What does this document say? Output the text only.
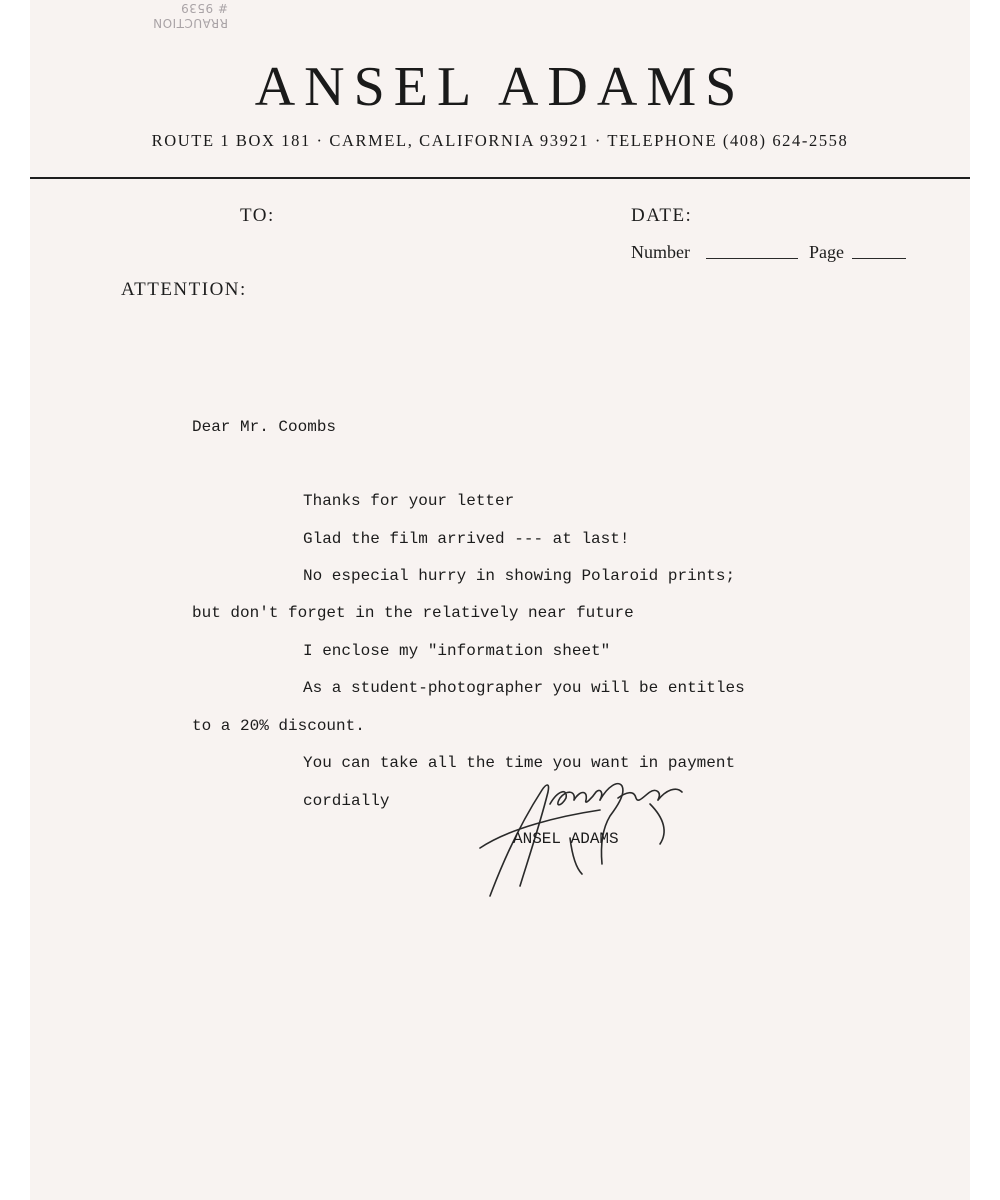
RRAUCTION
# 9539
ANSEL ADAMS
ROUTE 1 BOX 181 · CARMEL, CALIFORNIA 93921 · TELEPHONE (408) 624-2558
TO:	DATE:
Number	Page
ATTENTION:
Dear Mr. Coombs
Thanks for your letter
Glad the film arrived --- at last!
No especial hurry in showing Polaroid prints;
but don't forget in the relatively near future
I enclose my "information sheet"
As a student-photographer you will be entitles
to a 20% discount.
You can take all the time you want in payment
cordially
ANSEL ADAMS
